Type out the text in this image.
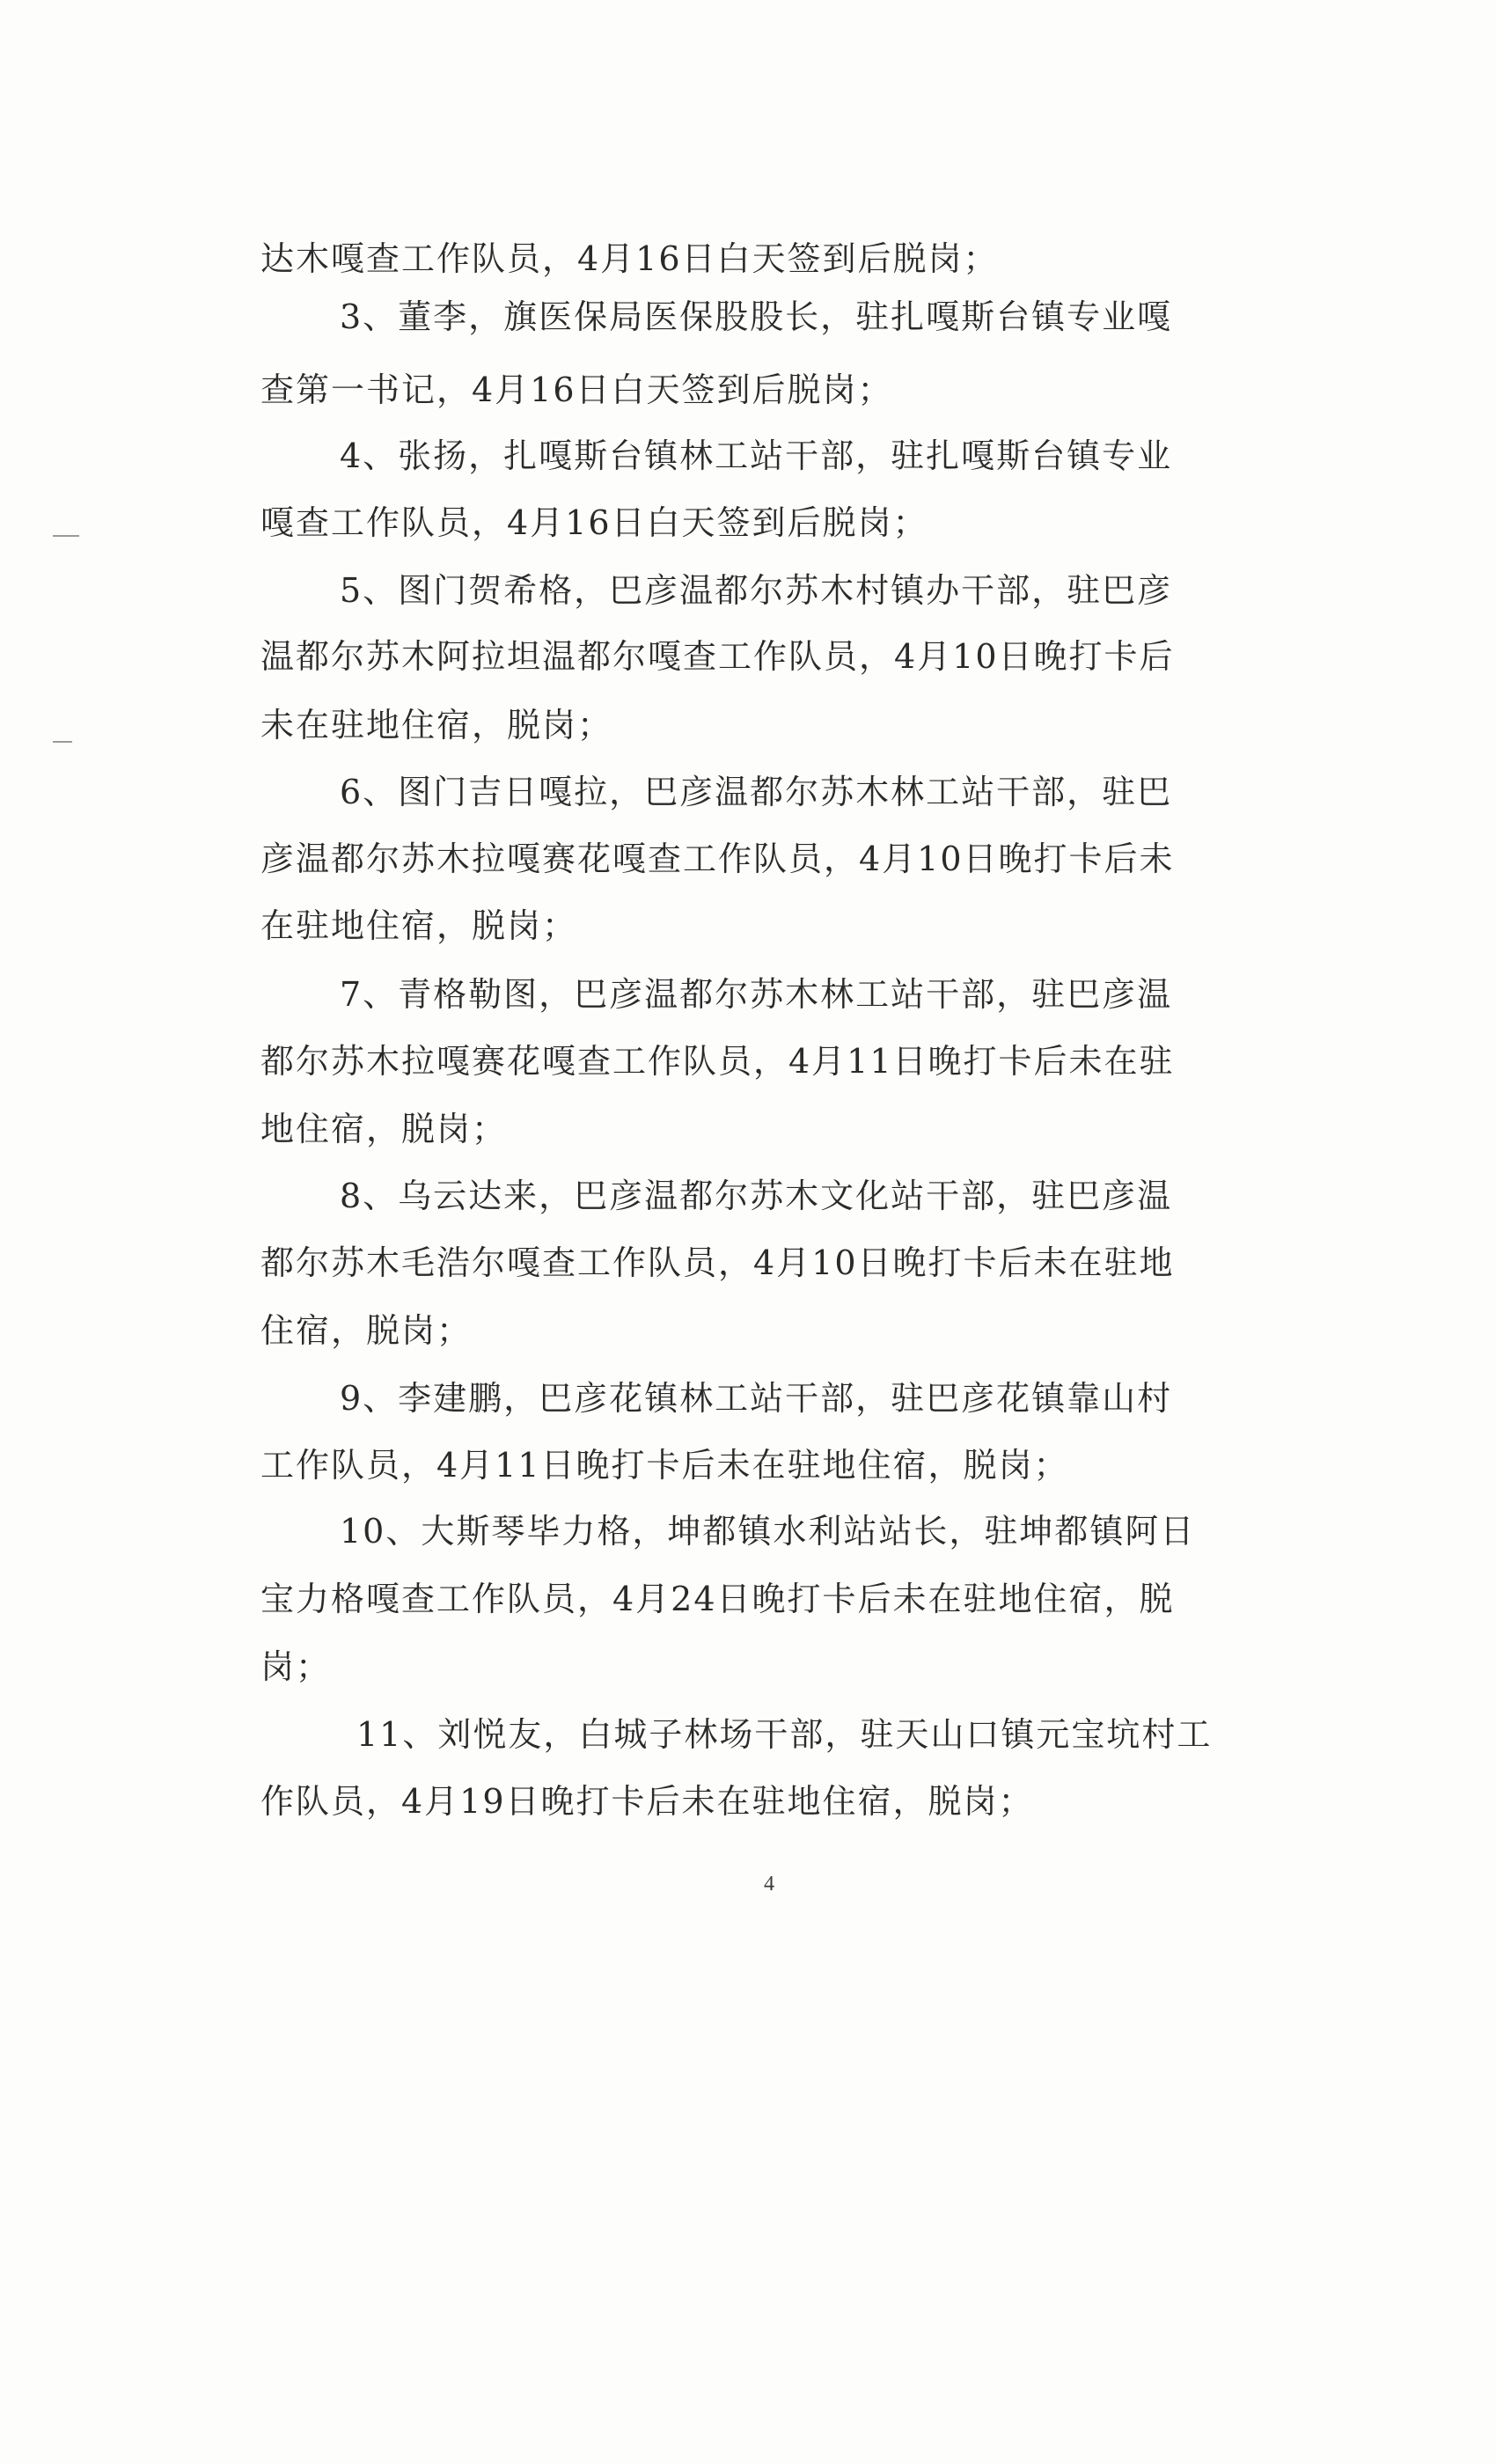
达木嘎查工作队员，4月16日白天签到后脱岗；
3、董李，旗医保局医保股股长，驻扎嘎斯台镇专业嘎
查第一书记，4月16日白天签到后脱岗；
4、张扬，扎嘎斯台镇林工站干部，驻扎嘎斯台镇专业
嘎查工作队员，4月16日白天签到后脱岗；
5、图门贺希格，巴彦温都尔苏木村镇办干部，驻巴彦
温都尔苏木阿拉坦温都尔嘎查工作队员，4月10日晚打卡后
未在驻地住宿，脱岗；
6、图门吉日嘎拉，巴彦温都尔苏木林工站干部，驻巴
彦温都尔苏木拉嘎赛花嘎查工作队员，4月10日晚打卡后未
在驻地住宿，脱岗；
7、青格勒图，巴彦温都尔苏木林工站干部，驻巴彦温
都尔苏木拉嘎赛花嘎查工作队员，4月11日晚打卡后未在驻
地住宿，脱岗；
8、乌云达来，巴彦温都尔苏木文化站干部，驻巴彦温
都尔苏木毛浩尔嘎查工作队员，4月10日晚打卡后未在驻地
住宿，脱岗；
9、李建鹏，巴彦花镇林工站干部，驻巴彦花镇靠山村
工作队员，4月11日晚打卡后未在驻地住宿，脱岗；
10、大斯琴毕力格，坤都镇水利站站长，驻坤都镇阿日
宝力格嘎查工作队员，4月24日晚打卡后未在驻地住宿，脱
岗；
11、刘悦友，白城子林场干部，驻天山口镇元宝坑村工
作队员，4月19日晚打卡后未在驻地住宿，脱岗；
4
